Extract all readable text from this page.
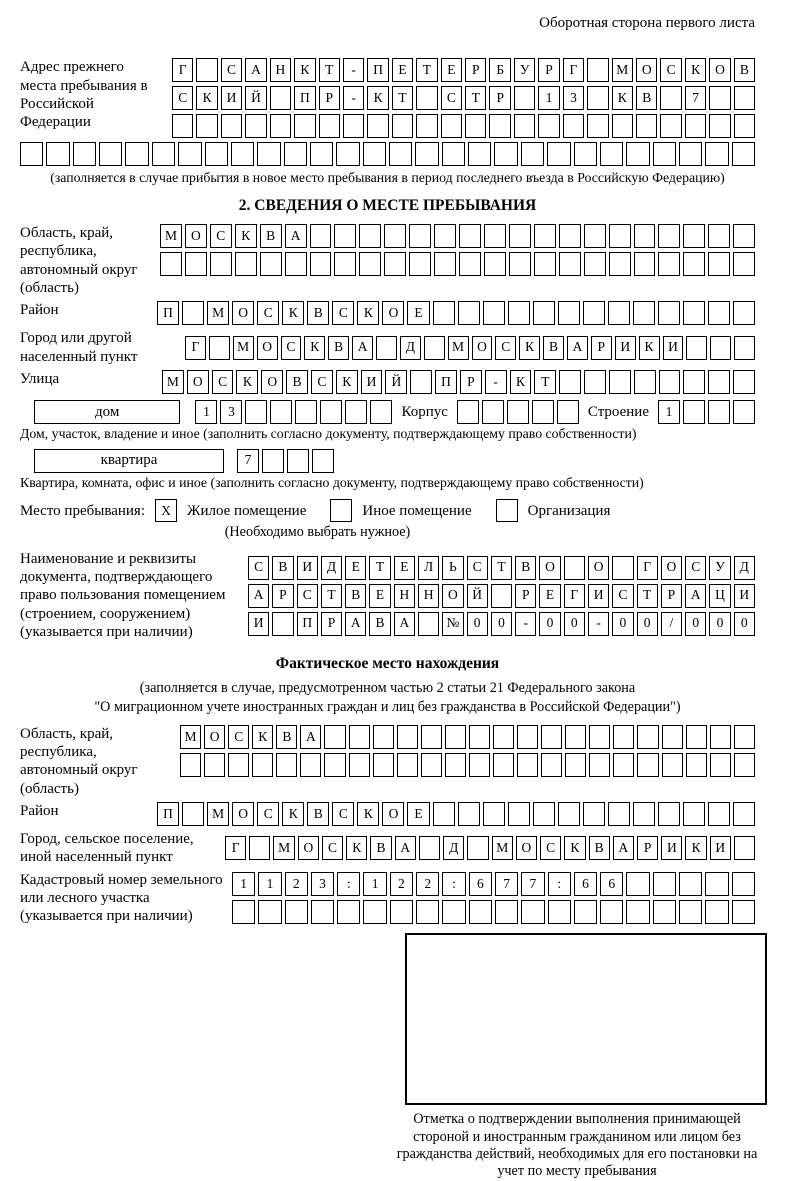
Оборотная сторона первого листа
Адрес прежнего места пребывания в Российской Федерации
Г	С	А	Н	К	Т	-	П	Е	Т	Е	Р	Б	У	Р	Г	М	О	С	К	О	В
С	К	И	Й	П	Р	-	К	Т	С	Т	Р	1	3	К	В	7
(заполняется в случае прибытия в новое место пребывания в период последнего въезда в Российскую Федерацию)
2. СВЕДЕНИЯ О МЕСТЕ ПРЕБЫВАНИЯ
Область, край, республика, автономный округ (область)
М	О	С	К	В	А
Район	П	М	О	С	К	В	С	К	О	Е
Город или другой населенный пункт
Г	М О	С	К	В	А	Д	М О	С	К	В	А	Р	И	К	И
Улица	М	О	С	К	О	В	С	К	И	Й	П	Р	-	К	Т
дом	1	3	Корпус	Строение	1
Дом, участок, владение и иное (заполнить согласно документу, подтверждающему право собственности)
квартира	7
Квартира, комната, офис и иное (заполнить согласно документу, подтверждающему право собственности)
Место пребывания:	X	Жилое помещение	Иное помещение	Организация
(Необходимо выбрать нужное)
Наименование и реквизиты документа, подтверждающего право пользования помещением (строением, сооружением) (указывается при наличии)
С	В	И	Д	Е	Т	Е	Л	Ь	С	Т	В	О	О	Г	О	С	У	Д
А	Р	С	Т	В	Е	Н	Н	О	Й	Р	Е	Г	И	С	Т	Р	А	Ц	И
И	П	Р	А	В	А	№	0	0	-	0	0	-	0	0	/	0	0	0
Фактическое место нахождения
(заполняется в случае, предусмотренном частью 2 статьи 21 Федерального закона
"О миграционном учете иностранных граждан и лиц без гражданства в Российской Федерации")
Область, край, республика, автономный округ (область)
М О	С	К	В	А
Район	П	М	О	С	К	В	С	К	О	Е
Город, сельское поселение, иной населенный пункт
Г	М О	С	К	В	А	Д	М О	С	К	В	А	Р	И	К	И
Кадастровый номер земельного или лесного участка (указывается при наличии)
1	1	2	3	:	1	2	2	:	6	7	7	:	6	6
Отметка о подтверждении выполнения принимающей стороной и иностранным гражданином или лицом без гражданства действий, необходимых для его постановки на учет по месту пребывания
